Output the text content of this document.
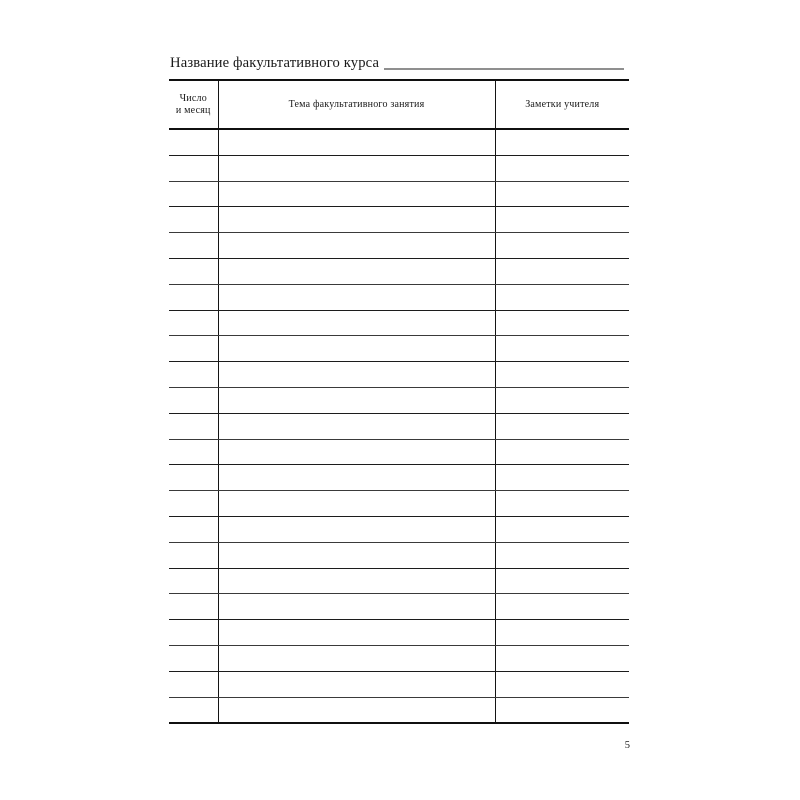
Название факультативного курса
Число
и месяц	Тема факультативного занятия	Заметки учителя

5
